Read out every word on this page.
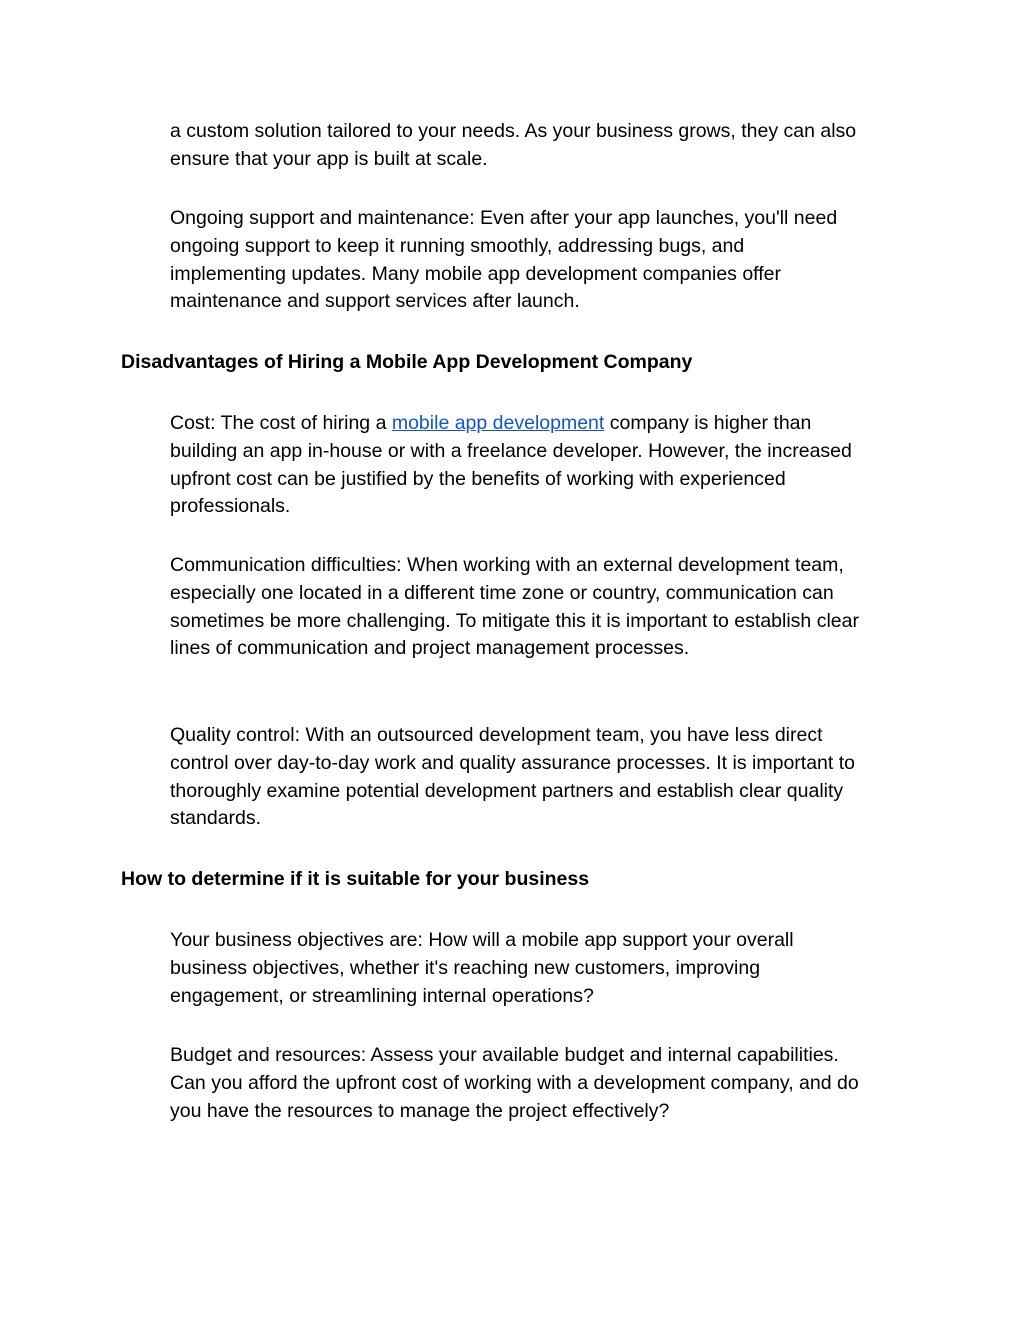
a custom solution tailored to your needs. As your business grows, they can also ensure that your app is built at scale.

Ongoing support and maintenance: Even after your app launches, you'll need ongoing support to keep it running smoothly, addressing bugs, and implementing updates. Many mobile app development companies offer maintenance and support services after launch.

Disadvantages of Hiring a Mobile App Development Company

Cost: The cost of hiring a mobile app development company is higher than building an app in-house or with a freelance developer. However, the increased upfront cost can be justified by the benefits of working with experienced professionals.

Communication difficulties: When working with an external development team, especially one located in a different time zone or country, communication can sometimes be more challenging. To mitigate this it is important to establish clear lines of communication and project management processes.

Quality control: With an outsourced development team, you have less direct control over day-to-day work and quality assurance processes. It is important to thoroughly examine potential development partners and establish clear quality standards.

How to determine if it is suitable for your business

Your business objectives are: How will a mobile app support your overall business objectives, whether it's reaching new customers, improving engagement, or streamlining internal operations?

Budget and resources: Assess your available budget and internal capabilities. Can you afford the upfront cost of working with a development company, and do you have the resources to manage the project effectively?
